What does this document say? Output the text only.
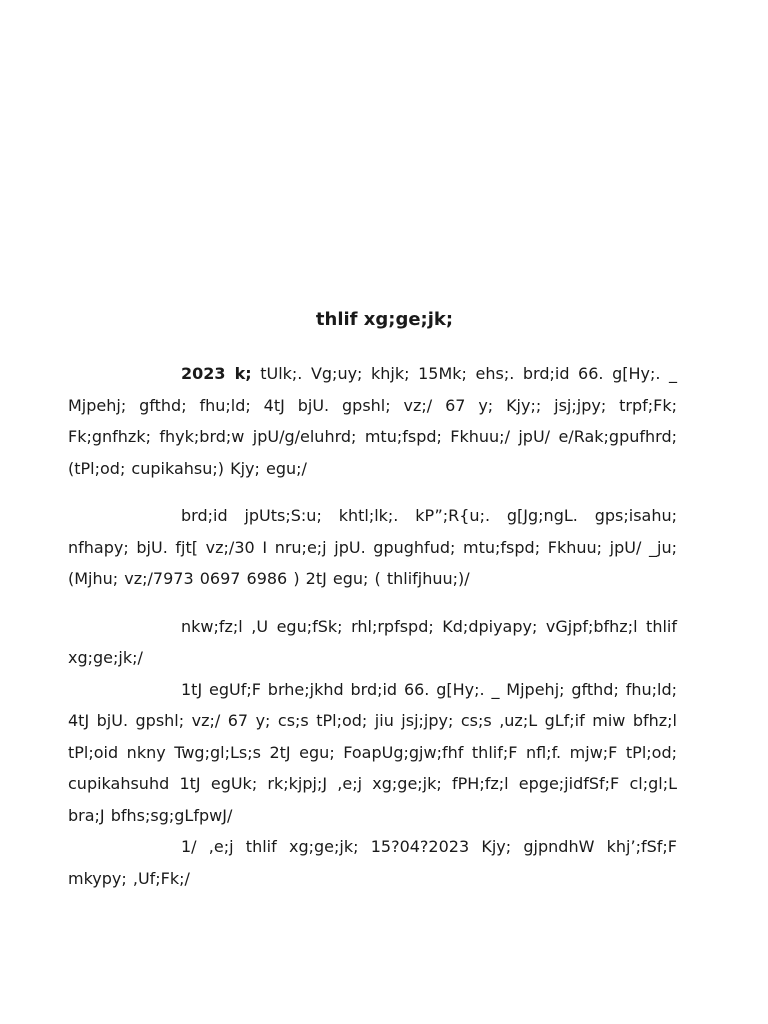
thlif xg;ge;jk;

2023 k; tUlk;. Vg;uy; khjk; 15Mk; ehs;. brd;id 66. g[Hy;. _ Mjpehj; gfthd; fhu;ld; 4tJ bjU. gpshl; vz;/ 67 y; Kjy;; jsj;jpy; trpf;Fk; Fk;gnfhzk; fhyk;brd;w jpU/g/eluhrd; mtu;fspd; Fkhuu;/ jpU/ e/Rak;gpufhrd; (tPl;od; cupikahsu;) Kjy; egu;/

brd;id jpUts;S:u; khtl;lk;. kP”;R{u;. g[Jg;ngL. gps;isahu; nfhapy; bjU. fjt[ vz;/30 I nru;e;j jpU. gpughfud; mtu;fspd; Fkhuu; jpU/ _ju; (Mjhu; vz;/7973 0697 6986 ) 2tJ egu; ( thlifjhuu;)/

nkw;fz;l ,U egu;fSk; rhl;rpfspd; Kd;dpiyapy; vGjpf;bfhz;l thlif xg;ge;jk;/

1tJ egUf;F brhe;jkhd brd;id 66. g[Hy;. _ Mjpehj; gfthd; fhu;ld; 4tJ bjU. gpshl; vz;/ 67 y; cs;s tPl;od; jiu jsj;jpy; cs;s ,uz;L gLf;if miw bfhz;l tPl;oid nkny Twg;gl;Ls;s 2tJ egu; FoapUg;gjw;fhf thlif;F nfl;f. mjw;F tPl;od; cupikahsuhd 1tJ egUk; rk;kjpj;J ,e;j xg;ge;jk; fPH;fz;l epge;jidfSf;F cl;gl;L bra;J bfhs;sg;gLfpwJ/

1/ ,e;j thlif xg;ge;jk; 15?04?2023 Kjy; gjpndhW khj’;fSf;F mkypy; ,Uf;Fk;/
